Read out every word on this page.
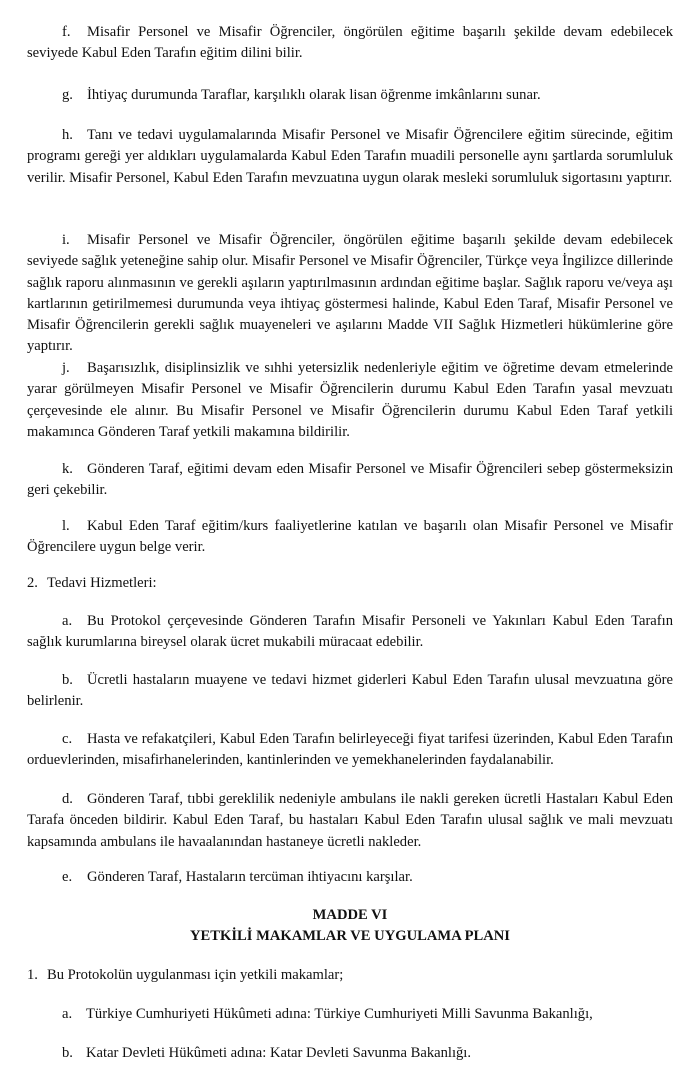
f. Misafir Personel ve Misafir Öğrenciler, öngörülen eğitime başarılı şekilde devam edebilecek seviyede Kabul Eden Tarafın eğitim dilini bilir.

g. İhtiyaç durumunda Taraflar, karşılıklı olarak lisan öğrenme imkânlarını sunar.

h. Tanı ve tedavi uygulamalarında Misafir Personel ve Misafir Öğrencilere eğitim sürecinde, eğitim programı gereği yer aldıkları uygulamalarda Kabul Eden Tarafın muadili personelle aynı şartlarda sorumluluk verilir. Misafir Personel, Kabul Eden Tarafın mevzuatına uygun olarak mesleki sorumluluk sigortasını yaptırır.

i. Misafir Personel ve Misafir Öğrenciler, öngörülen eğitime başarılı şekilde devam edebilecek seviyede sağlık yeteneğine sahip olur. Misafir Personel ve Misafir Öğrenciler, Türkçe veya İngilizce dillerinde sağlık raporu alınmasının ve gerekli aşıların yaptırılmasının ardından eğitime başlar. Sağlık raporu ve/veya aşı kartlarının getirilmemesi durumunda veya ihtiyaç göstermesi halinde, Kabul Eden Taraf, Misafir Personel ve Misafir Öğrencilerin gerekli sağlık muayeneleri ve aşılarını Madde VII Sağlık Hizmetleri hükümlerine göre yaptırır.

j. Başarısızlık, disiplinsizlik ve sıhhi yetersizlik nedenleriyle eğitim ve öğretime devam etmelerinde yarar görülmeyen Misafir Personel ve Misafir Öğrencilerin durumu Kabul Eden Tarafın yasal mevzuatı çerçevesinde ele alınır. Bu Misafir Personel ve Misafir Öğrencilerin durumu Kabul Eden Taraf yetkili makamınca Gönderen Taraf yetkili makamına bildirilir.

k. Gönderen Taraf, eğitimi devam eden Misafir Personel ve Misafir Öğrencileri sebep göstermeksizin geri çekebilir.

l. Kabul Eden Taraf eğitim/kurs faaliyetlerine katılan ve başarılı olan Misafir Personel ve Misafir Öğrencilere uygun belge verir.

2. Tedavi Hizmetleri:

a. Bu Protokol çerçevesinde Gönderen Tarafın Misafir Personeli ve Yakınları Kabul Eden Tarafın sağlık kurumlarına bireysel olarak ücret mukabili müracaat edebilir.

b. Ücretli hastaların muayene ve tedavi hizmet giderleri Kabul Eden Tarafın ulusal mevzuatına göre belirlenir.

c. Hasta ve refakatçileri, Kabul Eden Tarafın belirleyeceği fiyat tarifesi üzerinden, Kabul Eden Tarafın orduevlerinden, misafirhanelerinden, kantinlerinden ve yemekhanelerinden faydalanabilir.

d. Gönderen Taraf, tıbbi gereklilik nedeniyle ambulans ile nakli gereken ücretli Hastaları Kabul Eden Tarafa önceden bildirir. Kabul Eden Taraf, bu hastaları Kabul Eden Tarafın ulusal sağlık ve mali mevzuatı kapsamında ambulans ile havaalanından hastaneye ücretli nakleder.

e. Gönderen Taraf, Hastaların tercüman ihtiyacını karşılar.

MADDE VI
YETKİLİ MAKAMLAR VE UYGULAMA PLANI
1. Bu Protokolün uygulanması için yetkili makamlar;
a. Türkiye Cumhuriyeti Hükûmeti adına: Türkiye Cumhuriyeti Milli Savunma Bakanlığı,
b. Katar Devleti Hükûmeti adına: Katar Devleti Savunma Bakanlığı.
